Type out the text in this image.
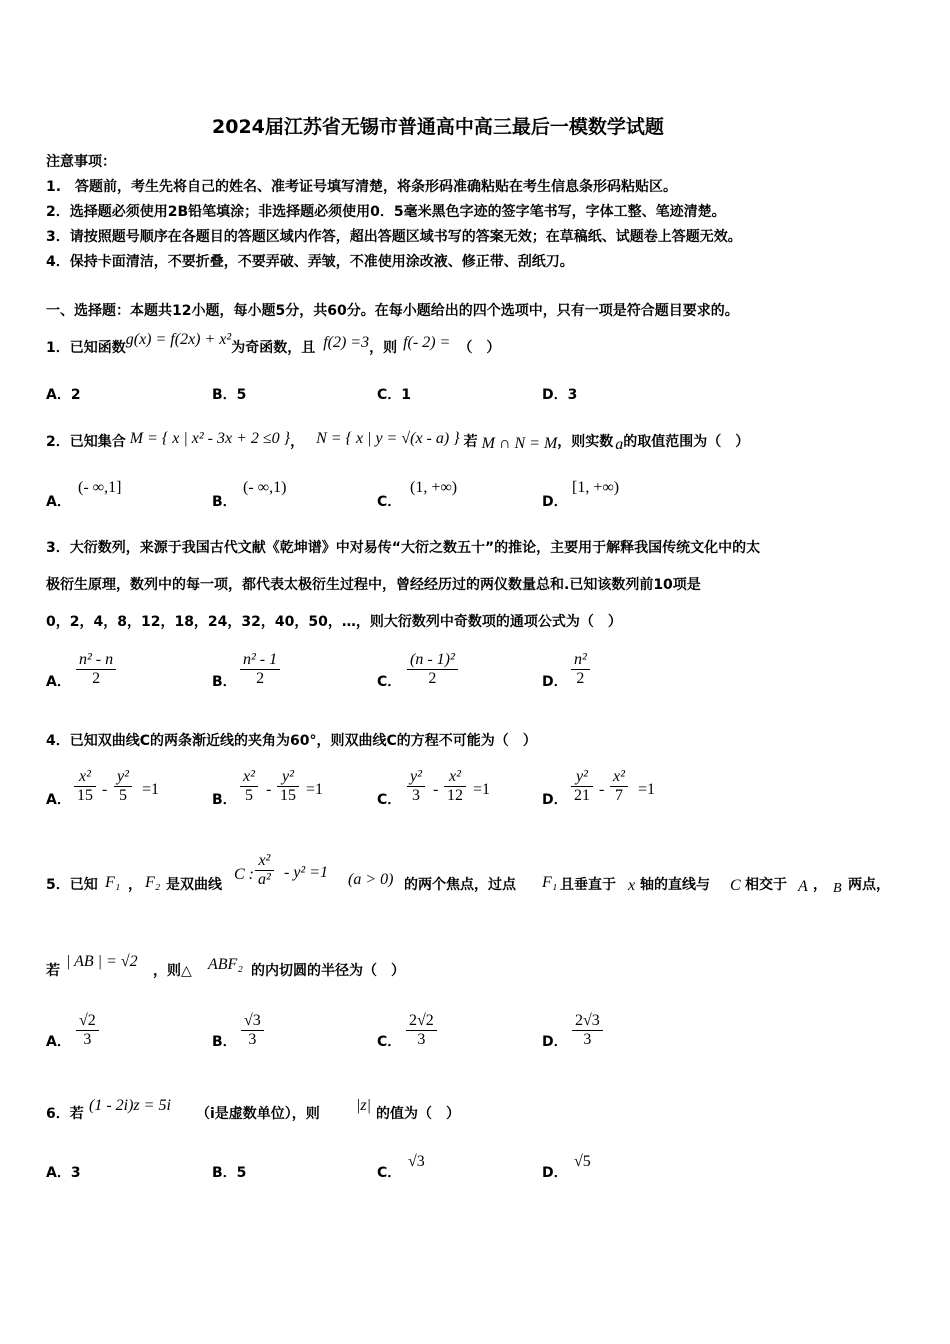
2024届江苏省无锡市普通高中高三最后一模数学试题
注意事项：
1.　答题前，考生先将自己的姓名、准考证号填写清楚，将条形码准确粘贴在考生信息条形码粘贴区。
2．选择题必须使用2B铅笔填涂；非选择题必须使用0．5毫米黑色字迹的签字笔书写，字体工整、笔迹清楚。
3．请按照题号顺序在各题目的答题区域内作答，超出答题区域书写的答案无效；在草稿纸、试题卷上答题无效。
4．保持卡面清洁，不要折叠，不要弄破、弄皱，不准使用涂改液、修正带、刮纸刀。
一、选择题：本题共12小题，每小题5分，共60分。在每小题给出的四个选项中，只有一项是符合题目要求的。
1．已知函数g(x) = f(2x) + x²为奇函数，且 f(2) =3，则 f(- 2) = （　）
A．2	B．5	C．1	D．3
2．已知集合 M = { x | x² - 3x + 2 ≤0 }， N = { x | y = √(x - a) } 若 M ∩ N = M，则实数 a的取值范围为（　）
A．
(- ∞,1]
B．
(- ∞,1)
C．
(1, +∞)
D．
[1, +∞)
3．大衍数列，来源于我国古代文献《乾坤谱》中对易传“大衍之数五十”的推论，主要用于解释我国传统文化中的太
极衍生原理，数列中的每一项，都代表太极衍生过程中，曾经经历过的两仪数量总和.已知该数列前10项是
0，2，4，8，12，18，24，32，40，50，…，则大衍数列中奇数项的通项公式为（　）
A． $\frac{\text{n² - n}}{2}$	B． $\frac{\text{n² - 1}}{2}$	C． $\frac{\text{(n - 1)²}}{2}$	D． $\frac{\text{n²}}{2}$
4．已知双曲线C的两条渐近线的夹角为60°，则双曲线C的方程不可能为（　）
A． $\frac{\text{x²}}{15} - \frac{\text{y²}}{5} =1$
B． $\frac{\text{x²}}{5} - \frac{\text{y²}}{15} =1$
C． $\frac{\text{y²}}{3} - \frac{\text{x²}}{12} =1$
D． $\frac{\text{y²}}{21} - \frac{\text{x²}}{7} =1$
5．已知 F₁ ， F₂ 是双曲线
C : $\frac{\text{x²}}{\text{a²}} - y^2 =1$ (a > 0) 的两个焦点，过点 F₁ 且垂直于 x 轴的直线与 C 相交于 A ， B 两点，
若
| AB | = √2
，则△ ABF₂ 的内切圆的半径为（　）
A． $\frac{√2}{3}$	B． $\frac{√3}{3}$	C． $\frac{2√2}{3}$	D． $\frac{2√3}{3}$
6．若 (1 - 2i)z = 5i （i是虚数单位），则 |z| 的值为（　）
A．3	B．5	C．
√3
D．
√5
